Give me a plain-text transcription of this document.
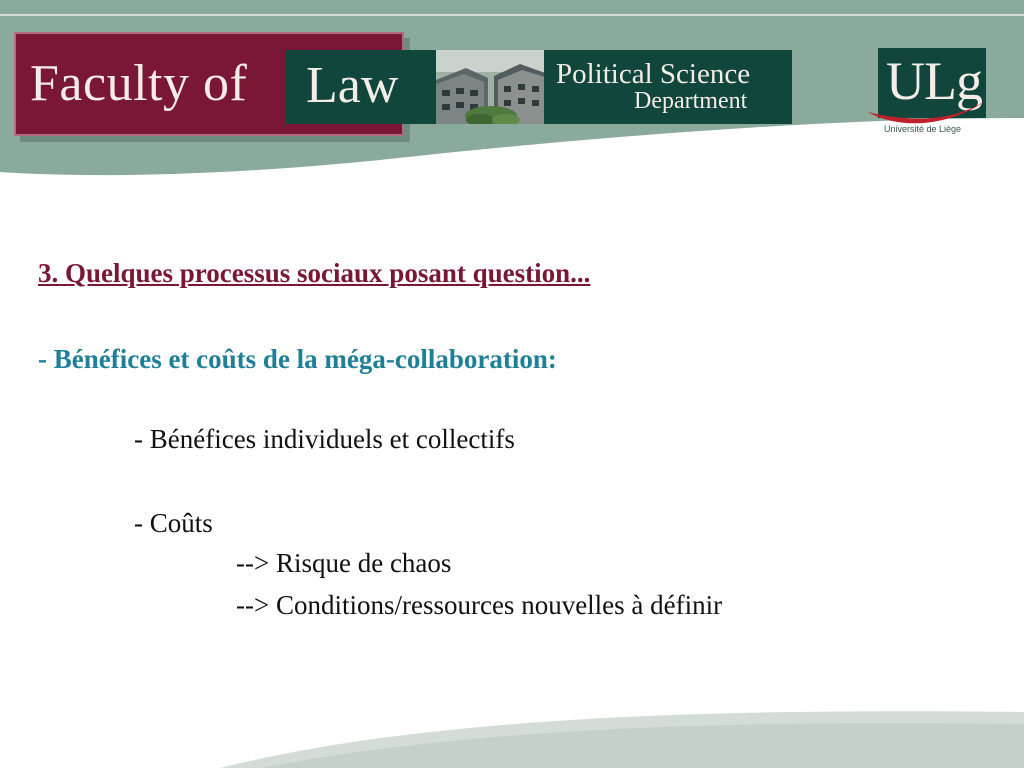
Faculty of Law	Political Science
Department	ULg
Université de Liège
3. Quelques processus sociaux posant question...
- Bénéfices et coûts de la méga-collaboration:
- Bénéfices individuels et collectifs
- Coûts
--> Risque de chaos
--> Conditions/ressources nouvelles à définir
